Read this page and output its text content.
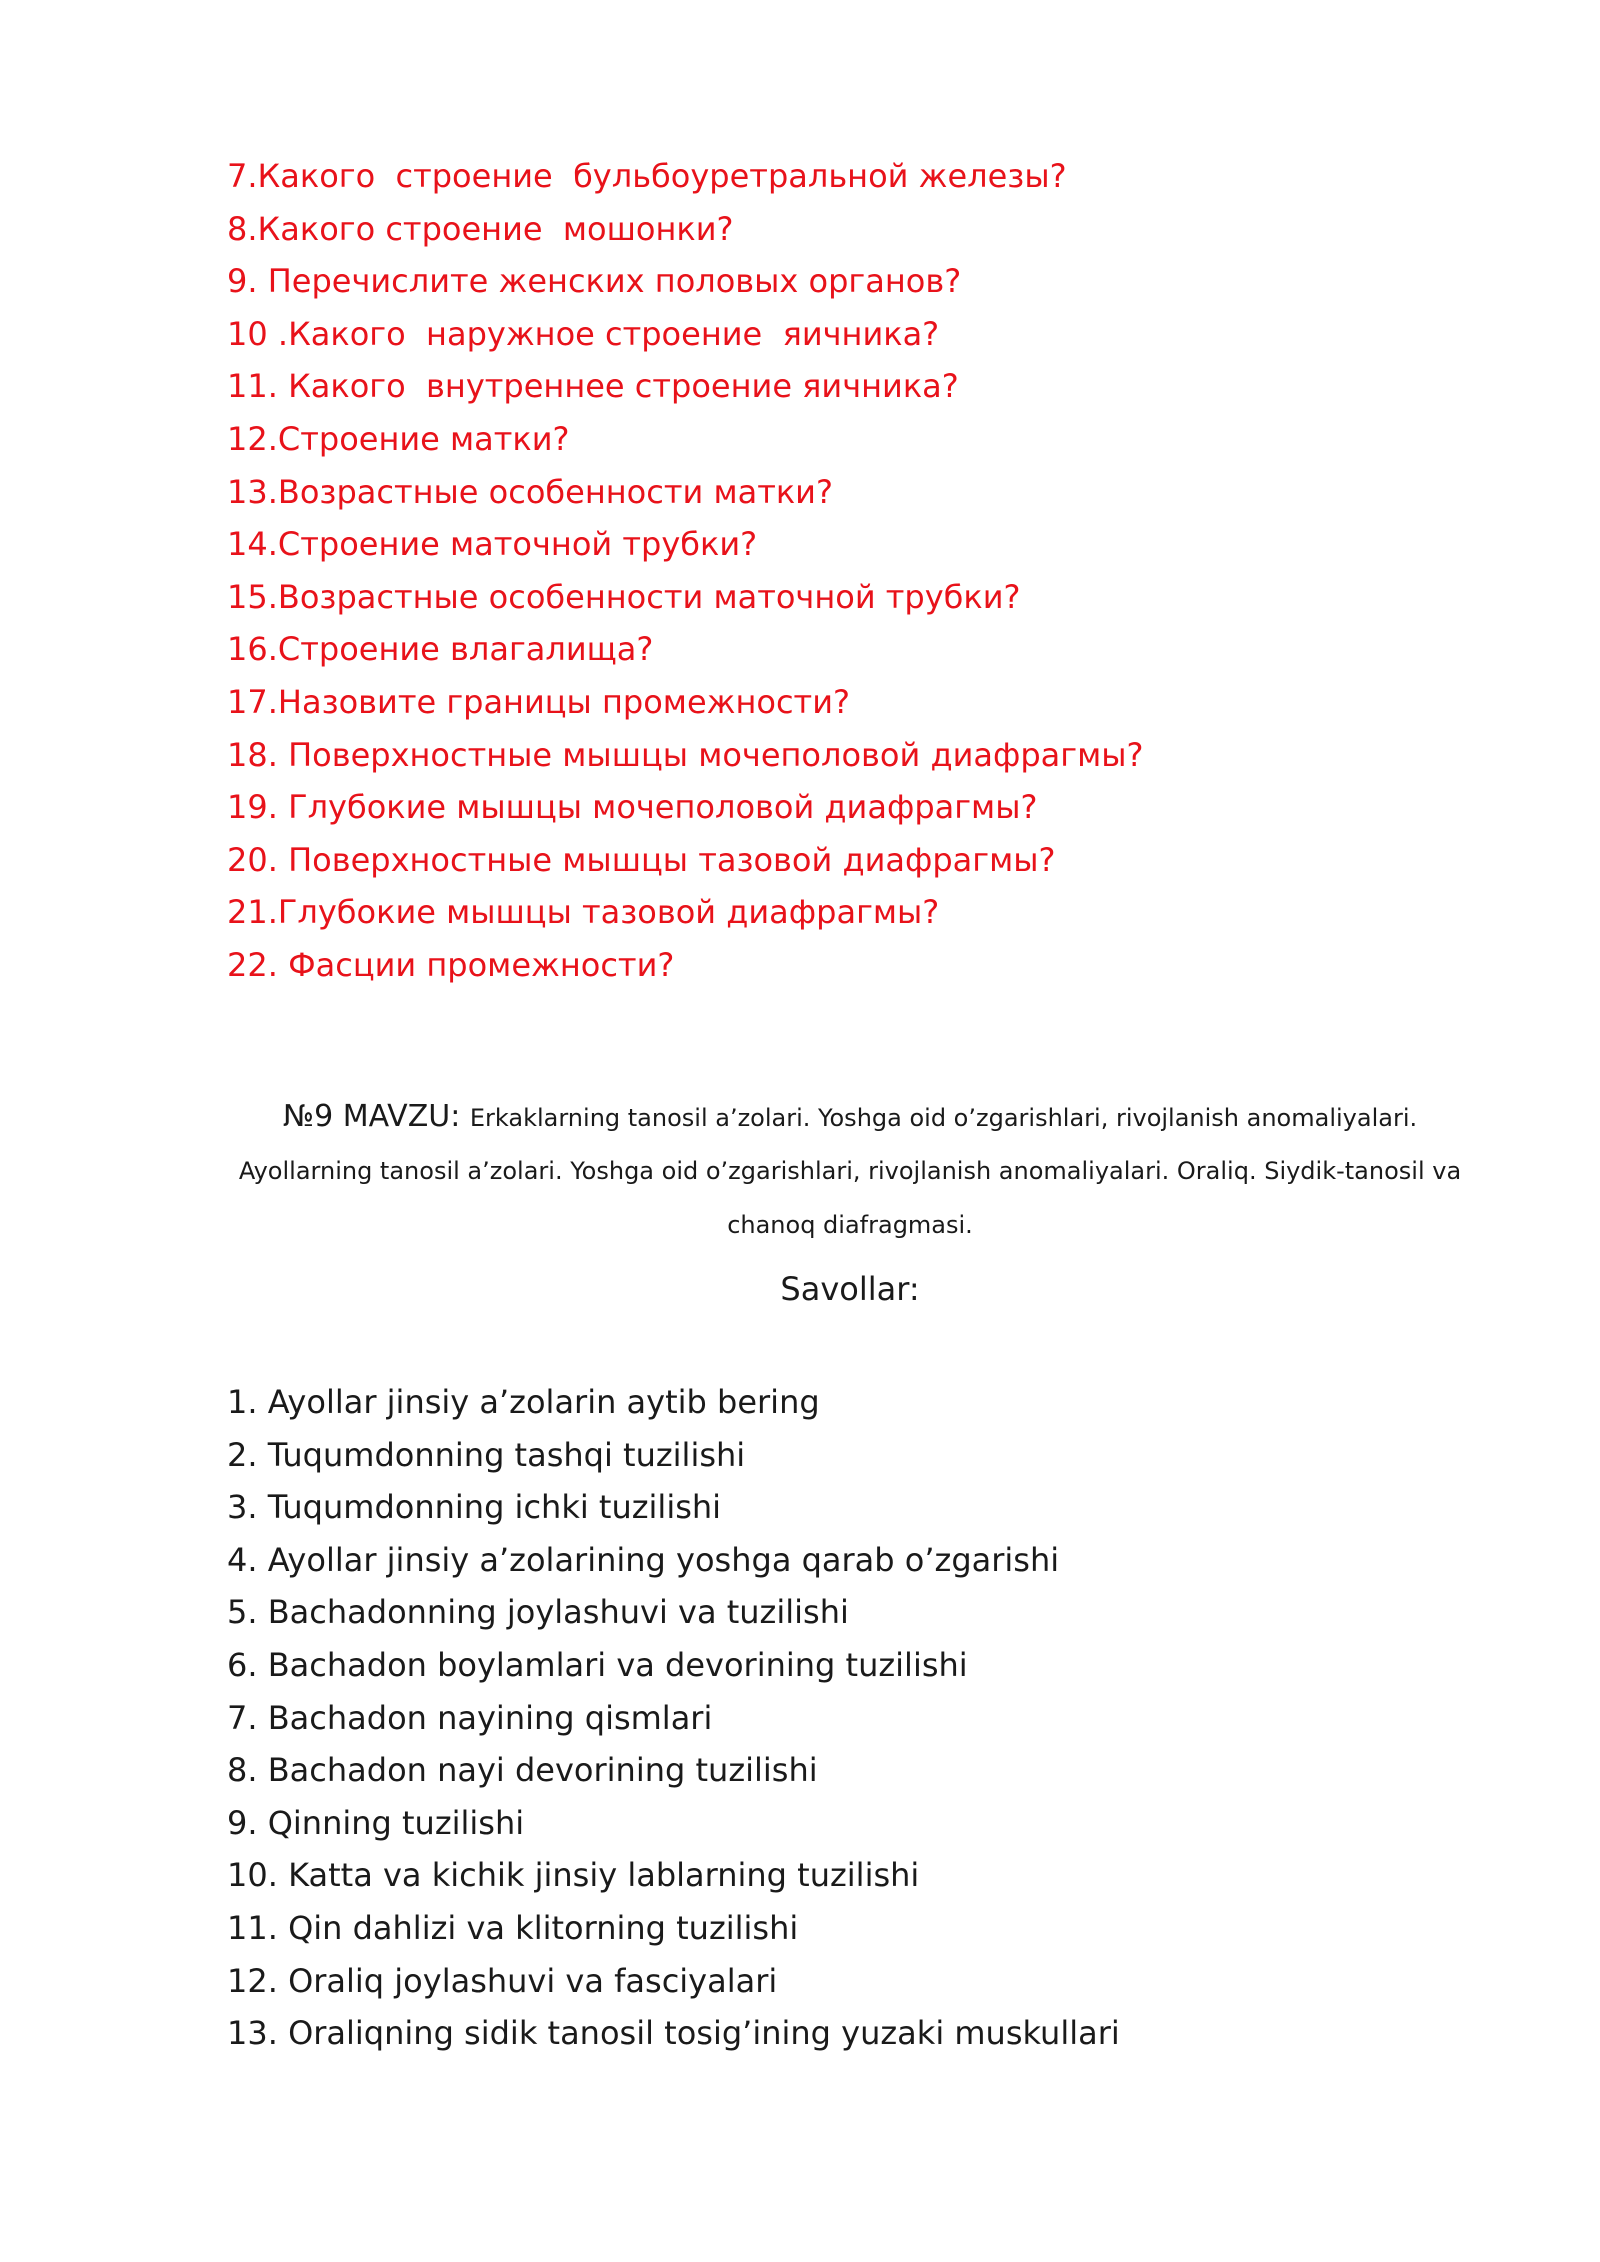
7.Какого  строение  бульбоуретральной железы?
8.Какого строение  мошонки?
9. Перечислите женских половых органов?
10 .Какого  наружное строение  яичника?
11. Какого  внутреннее строение яичника?
12.Строение матки?
13.Возрастные особенности матки?
14.Строение маточной трубки?
15.Возрастные особенности маточной трубки?
16.Строение влагалища?
17.Назовите границы промежности?
18. Поверхностные мышцы мочеполовой диафрагмы?
19. Глубокие мышцы мочеполовой диафрагмы?
20. Поверхностные мышцы тазовой диафрагмы?
21.Глубокие мышцы тазовой диафрагмы?
22. Фасции промежности?
№9 MAVZU: Erkaklarning tanosil a’zolari. Yoshga oid o’zgarishlari, rivojlanish anomaliyalari.
Ayollarning tanosil a’zolari. Yoshga oid o’zgarishlari, rivojlanish anomaliyalari. Oraliq. Siydik-tanosil va
chanoq diafragmasi.
Savollar:
1. Ayollar jinsiy a’zolarin aytib bering
2. Tuqumdonning tashqi tuzilishi
3. Tuqumdonning ichki tuzilishi
4. Ayollar jinsiy a’zolarining yoshga qarab o’zgarishi
5. Bachadonning joylashuvi va tuzilishi
6. Bachadon boylamlari va devorining tuzilishi
7. Bachadon nayining qismlari
8. Bachadon nayi devorining tuzilishi
9. Qinning tuzilishi
10. Katta va kichik jinsiy lablarning tuzilishi
11. Qin dahlizi va klitorning tuzilishi
12. Oraliq joylashuvi va fasciyalari
13. Oraliqning sidik tanosil tosig’ining yuzaki muskullari
